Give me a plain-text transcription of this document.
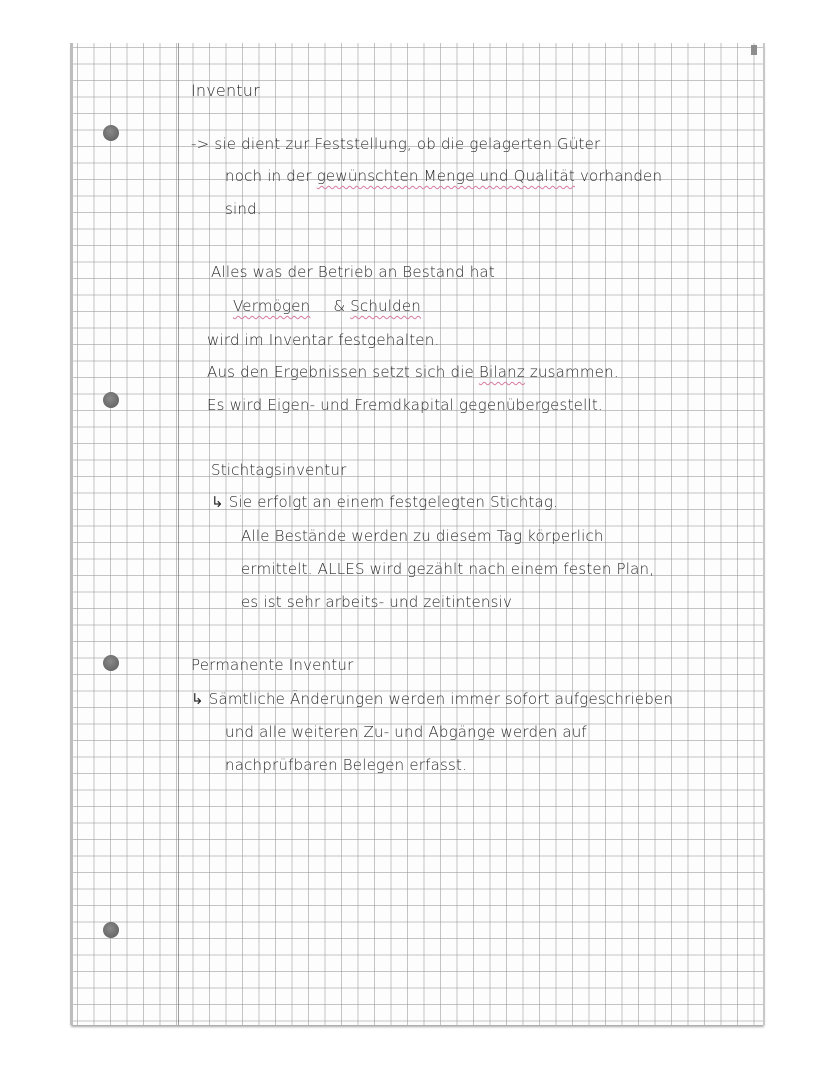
Inventur
-> sie dient zur Feststellung, ob die gelagerten Güter
noch in der gewünschten Menge und Qualität vorhanden
sind.
Alles was der Betrieb an Bestand hat
Vermögen & Schulden
wird im Inventar festgehalten.
Aus den Ergebnissen setzt sich die Bilanz zusammen.
Es wird Eigen- und Fremdkapital gegenübergestellt.
Stichtagsinventur
↳ Sie erfolgt an einem festgelegten Stichtag.
Alle Bestände werden zu diesem Tag körperlich
ermittelt. ALLES wird gezählt nach einem festen Plan,
es ist sehr arbeits- und zeitintensiv
Permanente Inventur
↳ Sämtliche Änderungen werden immer sofort aufgeschrieben
und alle weiteren Zu- und Abgänge werden auf
nachprüfbaren Belegen erfasst.
